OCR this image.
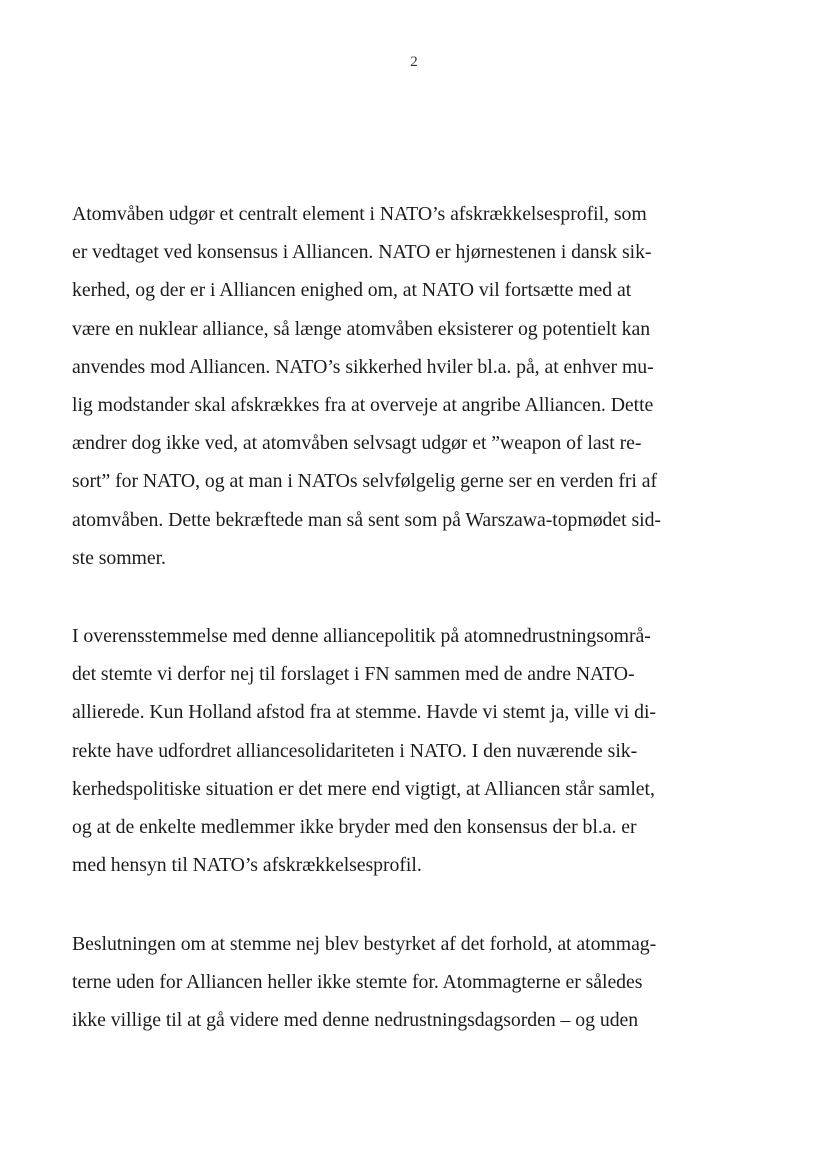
2
Atomvåben udgør et centralt element i NATO’s afskrækkelsesprofil, som
er vedtaget ved konsensus i Alliancen. NATO er hjørnestenen i dansk sik-
kerhed, og der er i Alliancen enighed om, at NATO vil fortsætte med at
være en nuklear alliance, så længe atomvåben eksisterer og potentielt kan
anvendes mod Alliancen. NATO’s sikkerhed hviler bl.a. på, at enhver mu-
lig modstander skal afskrækkes fra at overveje at angribe Alliancen. Dette
ændrer dog ikke ved, at atomvåben selvsagt udgør et ”weapon of last re-
sort” for NATO, og at man i NATOs selvfølgelig gerne ser en verden fri af
atomvåben. Dette bekræftede man så sent som på Warszawa-topmødet sid-
ste sommer.
I overensstemmelse med denne alliancepolitik på atomnedrustningsområ-
det stemte vi derfor nej til forslaget i FN sammen med de andre NATO-
allierede. Kun Holland afstod fra at stemme. Havde vi stemt ja, ville vi di-
rekte have udfordret alliancesolidariteten i NATO. I den nuværende sik-
kerhedspolitiske situation er det mere end vigtigt, at Alliancen står samlet,
og at de enkelte medlemmer ikke bryder med den konsensus der bl.a. er
med hensyn til NATO’s afskrækkelsesprofil.
Beslutningen om at stemme nej blev bestyrket af det forhold, at atommag-
terne uden for Alliancen heller ikke stemte for. Atommagterne er således
ikke villige til at gå videre med denne nedrustningsdagsorden – og uden
